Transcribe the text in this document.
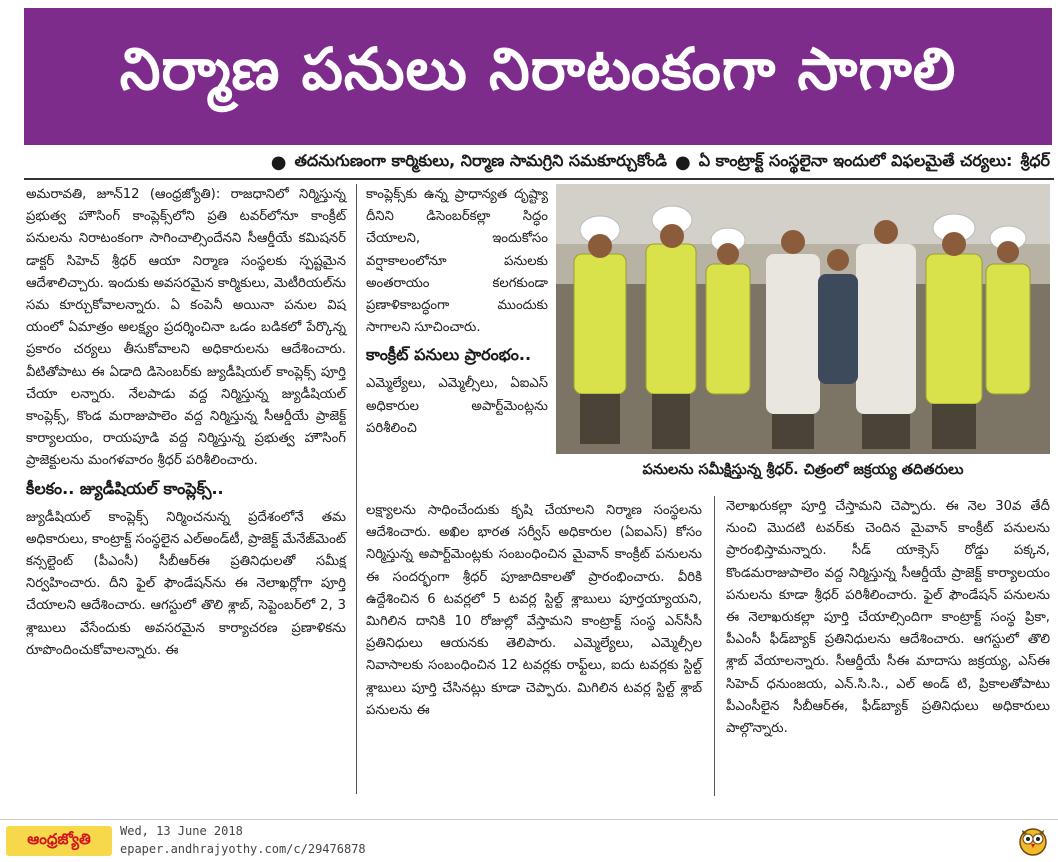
నిర్మాణ పనులు నిరాటంకంగా సాగాలి
● తదనుగుణంగా కార్మికులు, నిర్మాణ సామగ్రిని సమకూర్చుకోండి ● ఏ కాంట్రాక్ట్ సంస్థలైనా ఇందులో విఫలమైతే చర్యలు: శ్రీధర్

అమరావతి, జూన్12 (ఆంధ్రజ్యోతి): రాజధానిలో నిర్మిస్తున్న ప్రభుత్వ హౌసింగ్ కాంప్లెక్స్‌లోని ప్రతి టవర్‌లోనూ కాంక్రీట్ పనులను నిరాటంకంగా సాగించాల్సిందేనని సీఆర్డీయే కమిషనర్ డాక్టర్ సిహెచ్ శ్రీధర్ ఆయా నిర్మాణ సంస్థలకు స్పష్టమైన ఆదేశాలిచ్చారు. ఇందుకు అవసరమైన కార్మికులు, మెటీరియల్‌ను సమ కూర్చుకోవాలన్నారు. ఏ కంపెనీ అయినా పనుల విష యంలో ఏమాత్రం అలక్ష్యం ప్రదర్శించినా ఒడం బడికలో పేర్కొన్న ప్రకారం చర్యలు తీసుకోవాలని అధికారులను ఆదేశించారు. వీటితోపాటు ఈ ఏడాది డిసెంబర్‌కు జ్యుడీషియల్ కాంప్లెక్స్ పూర్తి చేయా లన్నారు. నేలపాడు వద్ద నిర్మిస్తున్న జ్యుడీషియల్ కాంప్లెక్స్, కొండ మరాజుపాలెం వద్ద నిర్మిస్తున్న సీఆర్డీయే ప్రాజెక్ట్ కార్యాలయం, రాయపూడి వద్ద నిర్మిస్తున్న ప్రభుత్వ హౌసింగ్ ప్రాజెక్టులను మంగళవారం శ్రీధర్ పరిశీలించారు.

కీలకం.. జ్యుడీషియల్ కాంప్లెక్స్..

జ్యుడీషియల్ కాంప్లెక్స్ నిర్మించనున్న ప్రదేశంలోనే తమ అధికారులు, కాంట్రాక్ట్ సంస్థలైన ఎల్అండ్‌టీ, ప్రాజెక్ట్ మేనేజ్‌మెంట్ కన్సల్టెంట్ (పీఎంసీ) సీబీఆర్‌ఈ ప్రతినిధులతో సమీక్ష నిర్వహించారు. దీని ఫైల్ ఫౌండేషన్‌ను ఈ నెలాఖర్లోగా పూర్తి చేయాలని ఆదేశించారు. ఆగస్టులో తొలి శ్లాబ్, సెప్టెంబర్‌లో 2, 3 శ్లాబులు వేసేందుకు అవసరమైన కార్యాచరణ ప్రణాళికను రూపొందించుకోవాలన్నారు. ఈ

కాంప్లెక్స్‌కు ఉన్న ప్రాధాన్యత దృష్ట్యా దీనిని డిసెంబర్‌కల్లా సిద్ధం చేయాలని, ఇందుకోసం వర్షాకాలంలోనూ పనులకు అంతరాయం కలగకుండా ప్రణాళికాబద్ధంగా ముందుకు సాగాలని సూచించారు.

కాంక్రీట్ పనులు ప్రారంభం..

ఎమ్మెల్యేలు, ఎమ్మెల్సీలు, ఏఐఎస్ అధికారుల అపార్ట్‌మెంట్లను పరిశీలించి

లక్ష్యాలను సాధించేందుకు కృషి చేయాలని నిర్మాణ సంస్థలను ఆదేశించారు. అఖిల భారత సర్వీస్ అధికారుల (ఏఐఎస్) కోసం నిర్మిస్తున్న అపార్ట్‌మెంట్లకు సంబంధించిన మైవాన్ కాంక్రీట్ పనులను ఈ సందర్భంగా శ్రీధర్ పూజాదికాలతో ప్రారంభించారు. వీరికి ఉద్దేశించిన 6 టవర్లలో 5 టవర్ల స్టిల్ట్ శ్లాబులు పూర్తయ్యాయని, మిగిలిన దానికి 10 రోజుల్లో వేస్తామని కాంట్రాక్ట్ సంస్థ ఎన్‌సీసీ ప్రతినిధులు ఆయనకు తెలిపారు. ఎమ్మెల్యేలు, ఎమ్మెల్సీల నివాసాలకు సంబంధించిన 12 టవర్లకు రాఫ్ట్‌లు, ఐదు టవర్లకు స్టిల్ట్ శ్లాబులు పూర్తి చేసినట్లు కూడా చెప్పారు. మిగిలిన టవర్ల స్టిల్ట్ శ్లాబ్ పనులను ఈ

పనులను సమీక్షిస్తున్న శ్రీధర్. చిత్రంలో జక్రయ్య తదితరులు

నెలాఖరుకల్లా పూర్తి చేస్తామని చెప్పారు. ఈ నెల 30వ తేదీ నుంచి మొదటి టవర్‌కు చెందిన మైవాన్ కాంక్రీట్ పనులను ప్రారంభిస్తామన్నారు. సీడ్ యాక్సెస్ రోడ్డు పక్కన, కొండమరాజుపాలెం వద్ద నిర్మిస్తున్న సీఆర్డీయే ప్రాజెక్ట్ కార్యాలయం పనులను కూడా శ్రీధర్ పరిశీలించారు. ఫైల్ ఫౌండేషన్ పనులను ఈ నెలాఖరుకల్లా పూర్తి చేయాల్సిందిగా కాంట్రాక్ట్ సంస్థ ప్రికా, పీఎంసీ ఫీడ్‌బ్యాక్ ప్రతినిధులను ఆదేశించారు. ఆగస్టులో తొలి శ్లాబ్ వేయాలన్నారు. సీఆర్డీయే సీఈ మాదాసు జక్రయ్య, ఎస్ఈ సిహెచ్ ధనుంజయ, ఎన్.సి.సి., ఎల్ అండ్ టి, ప్రికాలతోపాటు పీఎంసీలైన సీబీఆర్ఈ, ఫీడ్‌బ్యాక్ ప్రతినిధులు అధికారులు పాల్గొన్నారు.

ఆంధ్రజ్యోతి	Wed, 13 June 2018
epaper.andhrajyothy.com/c/29476878
